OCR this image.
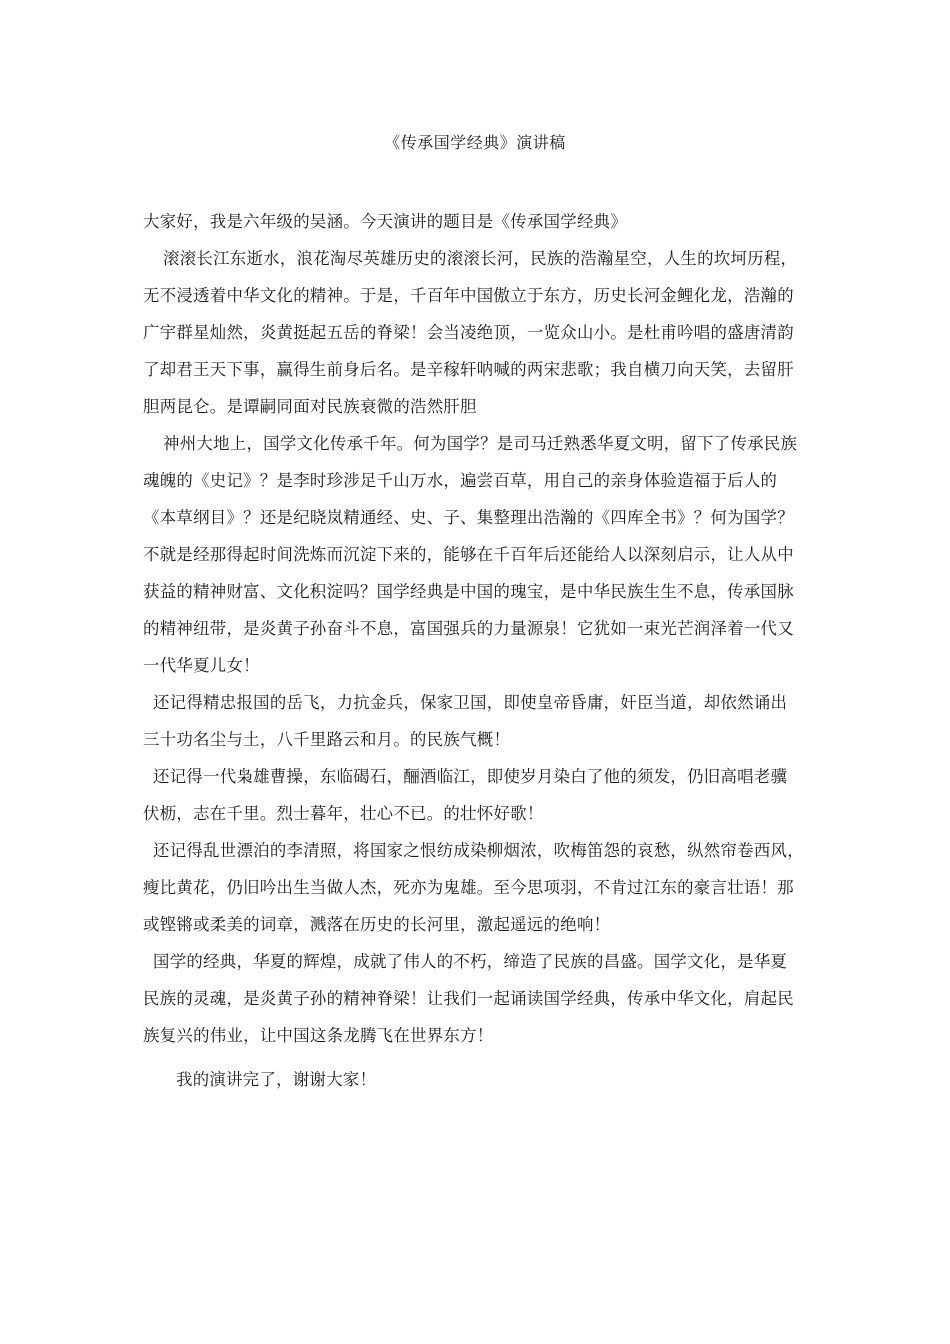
《传承国学经典》演讲稿
大家好，我是六年级的吴涵。今天演讲的题目是《传承国学经典》
滚滚长江东逝水，浪花淘尽英雄历史的滚滚长河，民族的浩瀚星空，人生的坎坷历程，
无不浸透着中华文化的精神。于是，千百年中国傲立于东方，历史长河金鲤化龙，浩瀚的
广宇群星灿然，炎黄挺起五岳的脊梁！会当凌绝顶，一览众山小。是杜甫吟唱的盛唐清韵
了却君王天下事，赢得生前身后名。是辛稼轩呐喊的两宋悲歌；我自横刀向天笑，去留肝
胆两昆仑。是谭嗣同面对民族衰微的浩然肝胆
神州大地上，国学文化传承千年。何为国学？是司马迁熟悉华夏文明，留下了传承民族
魂魄的《史记》？是李时珍涉足千山万水，遍尝百草，用自己的亲身体验造福于后人的
《本草纲目》？还是纪晓岚精通经、史、子、集整理出浩瀚的《四库全书》？何为国学？
不就是经那得起时间洗炼而沉淀下来的，能够在千百年后还能给人以深刻启示，让人从中
获益的精神财富、文化积淀吗？国学经典是中国的瑰宝，是中华民族生生不息，传承国脉
的精神纽带，是炎黄子孙奋斗不息，富国强兵的力量源泉！它犹如一束光芒润泽着一代又
一代华夏儿女！
还记得精忠报国的岳飞，力抗金兵，保家卫国，即使皇帝昏庸，奸臣当道，却依然诵出
三十功名尘与土，八千里路云和月。的民族气概！
还记得一代枭雄曹操，东临碣石，酾酒临江，即使岁月染白了他的须发，仍旧高唱老骥
伏枥，志在千里。烈士暮年，壮心不已。的壮怀好歌！
还记得乱世漂泊的李清照，将国家之恨纺成染柳烟浓，吹梅笛怨的哀愁，纵然帘卷西风，
瘦比黄花，仍旧吟出生当做人杰，死亦为鬼雄。至今思项羽，不肯过江东的豪言壮语！那
或铿锵或柔美的词章，溅落在历史的长河里，激起遥远的绝响！
国学的经典，华夏的辉煌，成就了伟人的不朽，缔造了民族的昌盛。国学文化，是华夏
民族的灵魂，是炎黄子孙的精神脊梁！让我们一起诵读国学经典，传承中华文化，肩起民
族复兴的伟业，让中国这条龙腾飞在世界东方！
我的演讲完了，谢谢大家！
